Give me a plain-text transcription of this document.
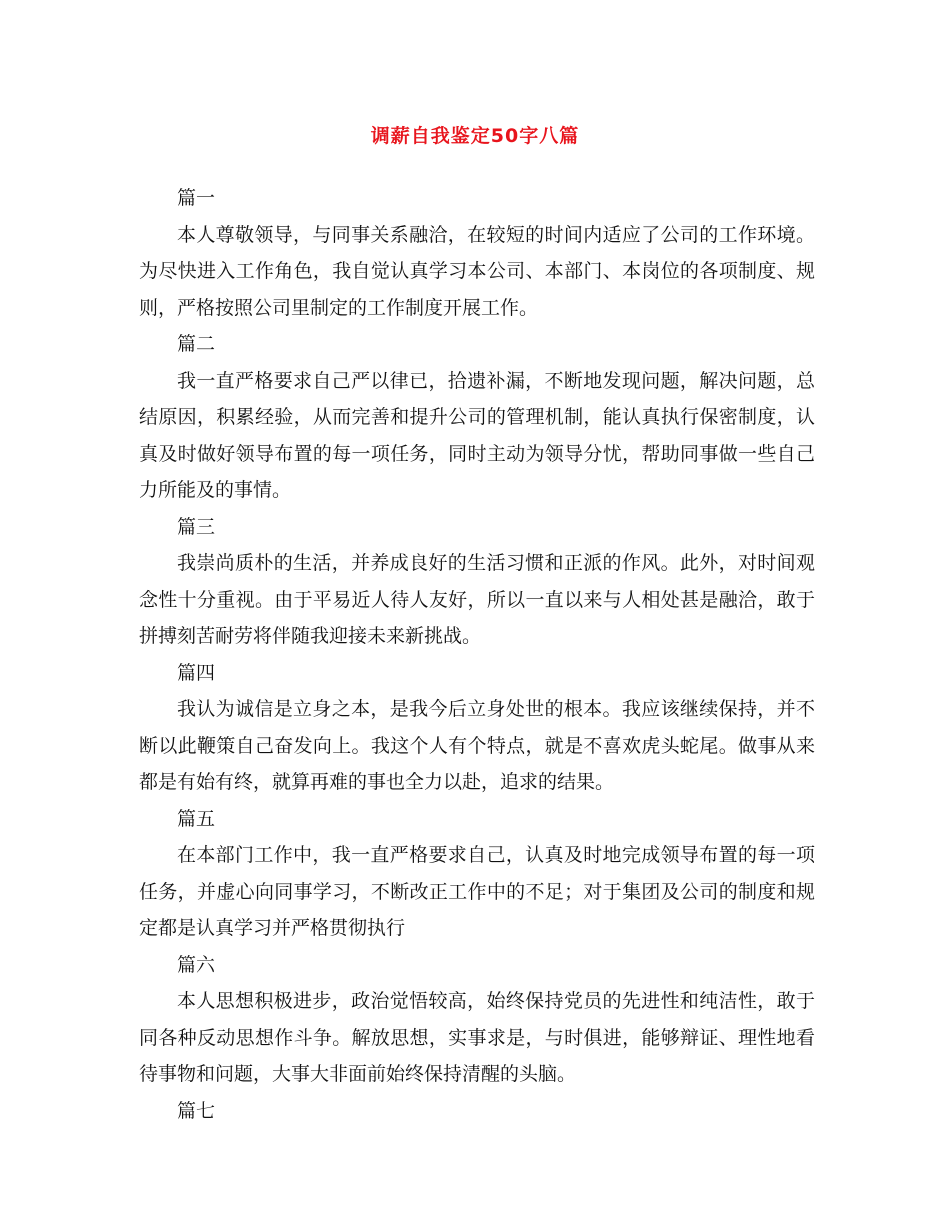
调薪自我鉴定50字八篇

篇一

本人尊敬领导，与同事关系融洽，在较短的时间内适应了公司的工作环境。为尽快进入工作角色，我自觉认真学习本公司、本部门、本岗位的各项制度、规则，严格按照公司里制定的工作制度开展工作。

篇二

我一直严格要求自己严以律已，拾遗补漏，不断地发现问题，解决问题，总结原因，积累经验，从而完善和提升公司的管理机制，能认真执行保密制度，认真及时做好领导布置的每一项任务，同时主动为领导分忧，帮助同事做一些自己力所能及的事情。

篇三

我崇尚质朴的生活，并养成良好的生活习惯和正派的作风。此外，对时间观念性十分重视。由于平易近人待人友好，所以一直以来与人相处甚是融洽，敢于拼搏刻苦耐劳将伴随我迎接未来新挑战。

篇四

我认为诚信是立身之本，是我今后立身处世的根本。我应该继续保持，并不断以此鞭策自己奋发向上。我这个人有个特点，就是不喜欢虎头蛇尾。做事从来都是有始有终，就算再难的事也全力以赴，追求的结果。

篇五

在本部门工作中，我一直严格要求自己，认真及时地完成领导布置的每一项任务，并虚心向同事学习，不断改正工作中的不足；对于集团及公司的制度和规定都是认真学习并严格贯彻执行

篇六

本人思想积极进步，政治觉悟较高，始终保持党员的先进性和纯洁性，敢于同各种反动思想作斗争。解放思想，实事求是，与时俱进，能够辩证、理性地看待事物和问题，大事大非面前始终保持清醒的头脑。

篇七
